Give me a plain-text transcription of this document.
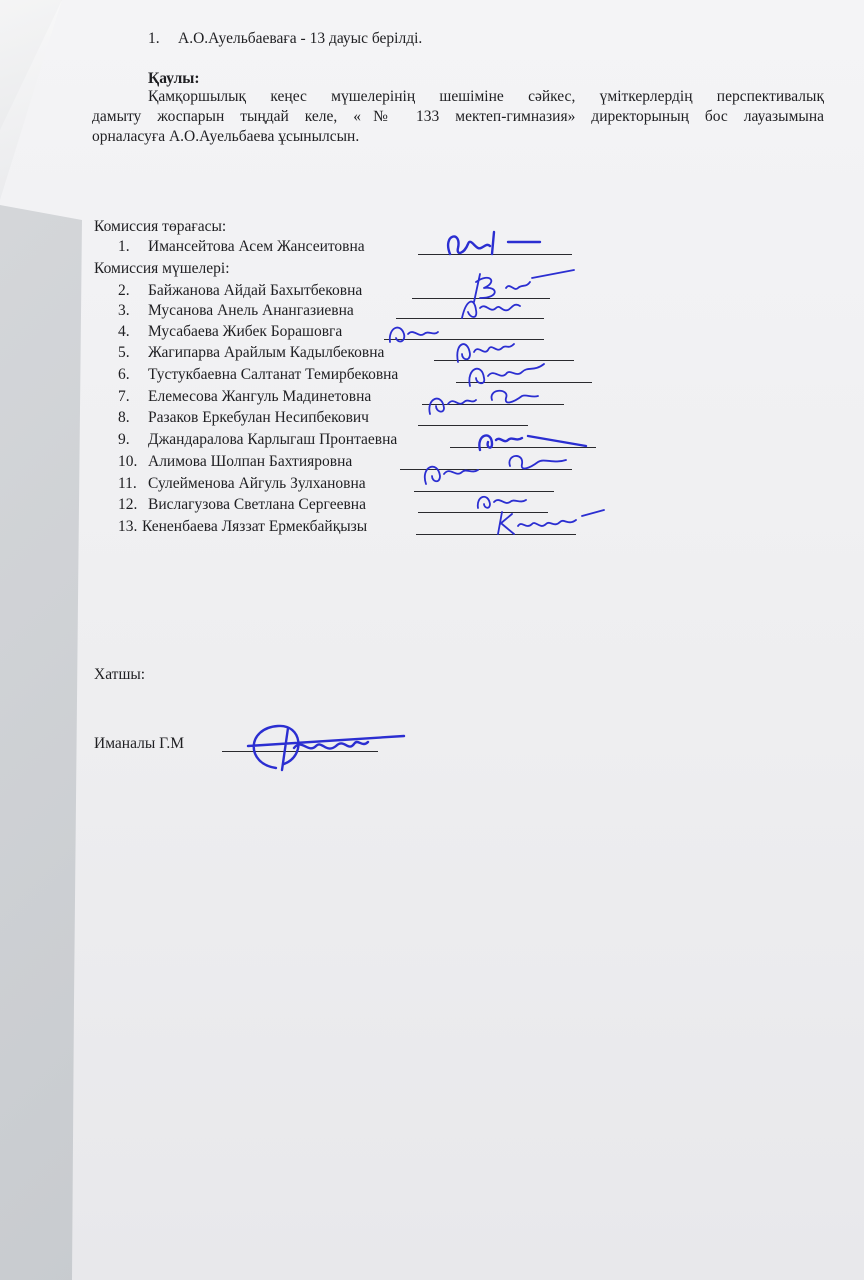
1. А.О.Ауельбаеваға - 13 дауыс берілді.
Қаулы:
Қамқоршылық кеңес мүшелерінің шешіміне сәйкес, үміткерлердің перспективалық
дамыту жоспарын тыңдай келе, «№ 133 мектеп-гимназия» директорының бос лауазымына
орналасуға А.О.Ауельбаева ұсынылсын.
Комиссия төрағасы:
1. Имансейтова Асем Жансеитовна
Комиссия мүшелері:
2. Байжанова Айдай Бахытбековна
3. Мусанова Анель Анангазиевна
4. Мусабаева Жибек Борашовга
5. Жагипарва Арайлым Кадылбековна
6. Тустукбаевна Салтанат Темирбековна
7. Елемесова Жангуль Мадинетовна
8. Разаков Еркебулан Несипбекович
9. Джандаралова Карлыгаш Пронтаевна
10. Алимова Шолпан Бахтияровна
11. Сулейменова Айгуль Зулхановна
12. Вислагузова Светлана Сергеевна
13. Кененбаева Ляззат Ермекбайқызы
Хатшы:
Иманалы Г.М
